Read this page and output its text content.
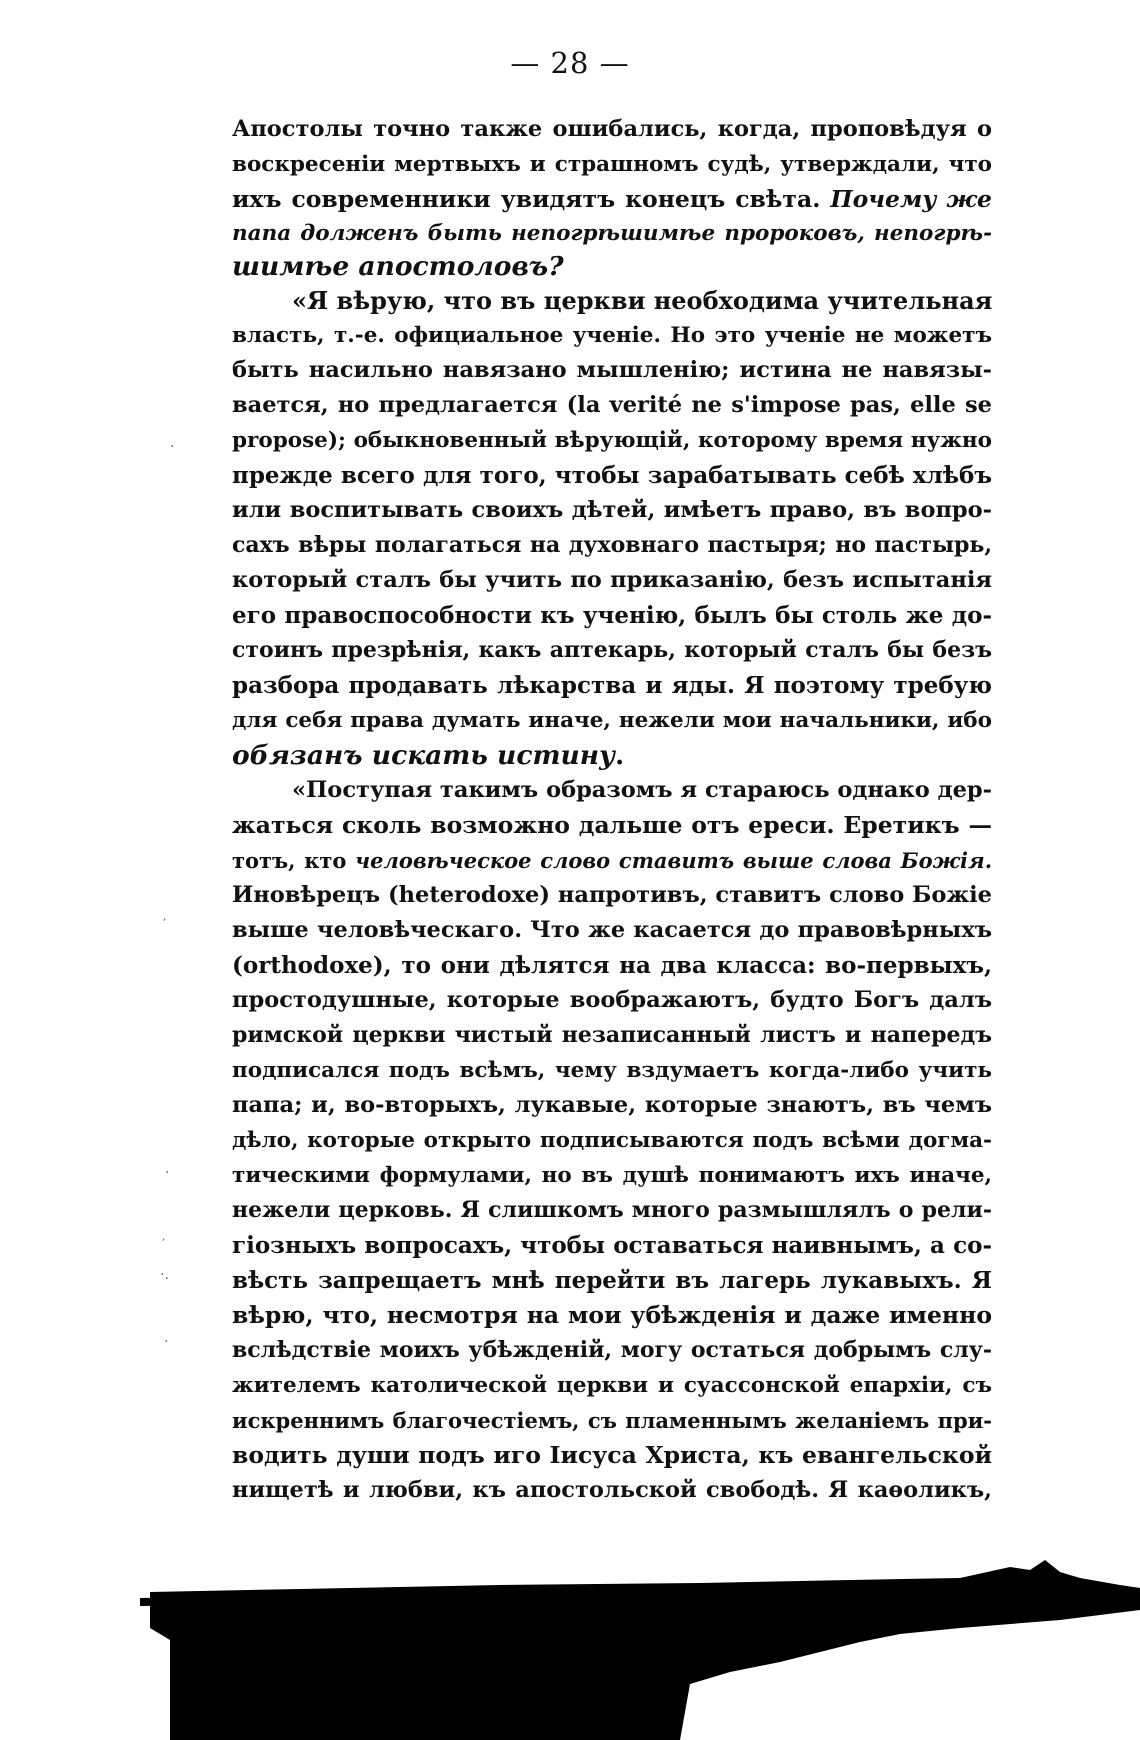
— 28 —
Апостолы точно также ошибались, когда, проповѣдуя о
воскресеніи мертвыхъ и страшномъ судѣ, утверждали, что
ихъ современники увидятъ конецъ свѣта. Почему же
папа долженъ быть непогрѣшимѣе пророковъ, непогрѣ-
шимѣе апостоловъ?
«Я вѣрую, что въ церкви необходима учительная
власть, т.-е. официальное ученіе. Но это ученіе не можетъ
быть насильно навязано мышленію; истина не навязы-
вается, но предлагается (la verité ne s'impose pas, elle se
propose); обыкновенный вѣрующій, которому время нужно
прежде всего для того, чтобы зарабатывать себѣ хлѣбъ
или воспитывать своихъ дѣтей, имѣетъ право, въ вопро-
сахъ вѣры полагаться на духовнаго пастыря; но пастырь,
который сталъ бы учить по приказанію, безъ испытанія
его правоспособности къ ученію, былъ бы столь же до-
стоинъ презрѣнія, какъ аптекарь, который сталъ бы безъ
разбора продавать лѣкарства и яды. Я поэтому требую
для себя права думать иначе, нежели мои начальники, ибо
обязанъ искать истину.
«Поступая такимъ образомъ я стараюсь однако дер-
жаться сколь возможно дальше отъ ереси. Еретикъ —
тотъ, кто человѣческое слово ставитъ выше слова Божія.
Иновѣрецъ (heterodoxe) напротивъ, ставитъ слово Божіе
выше человѣческаго. Что же касается до правовѣрныхъ
(orthodoxe), то они дѣлятся на два класса: во-первыхъ,
простодушные, которые воображаютъ, будто Богъ далъ
римской церкви чистый незаписанный листъ и напередъ
подписался подъ всѣмъ, чему вздумаетъ когда-либо учить
папа; и, во-вторыхъ, лукавые, которые знаютъ, въ чемъ
дѣло, которые открыто подписываются подъ всѣми догма-
тическими формулами, но въ душѣ понимаютъ ихъ иначе,
нежели церковь. Я слишкомъ много размышлялъ о рели-
гіозныхъ вопросахъ, чтобы оставаться наивнымъ, а со-
вѣсть запрещаетъ мнѣ перейти въ лагерь лукавыхъ. Я
вѣрю, что, несмотря на мои убѣжденія и даже именно
вслѣдствіе моихъ убѣжденій, могу остаться добрымъ слу-
жителемъ католической церкви и суассонской епархіи, съ
искреннимъ благочестіемъ, съ пламеннымъ желаніемъ при-
водить души подъ иго Іисуса Христа, къ евангельской
нищетѣ и любви, къ апостольской свободѣ. Я каѳоликъ,
·
′
·
′
·.
·
